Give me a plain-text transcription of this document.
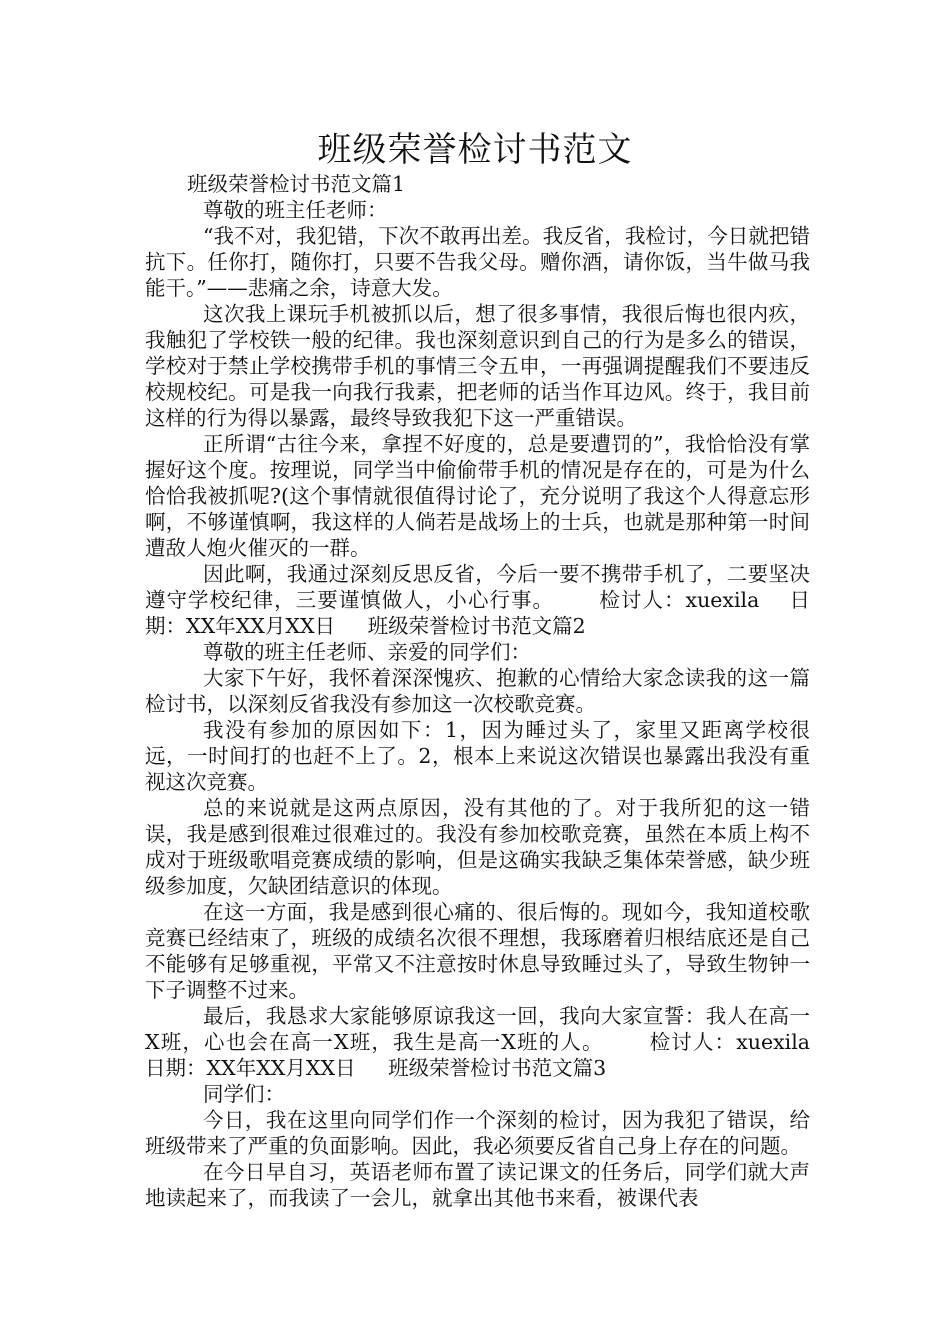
班级荣誉检讨书范文

班级荣誉检讨书范文篇1

尊敬的班主任老师：

“我不对，我犯错，下次不敢再出差。我反省，我检讨，今日就把错抗下。任你打，随你打，只要不告我父母。赠你酒，请你饭，当牛做马我能干。”——悲痛之余，诗意大发。

这次我上课玩手机被抓以后，想了很多事情，我很后悔也很内疚，我触犯了学校铁一般的纪律。我也深刻意识到自己的行为是多么的错误，学校对于禁止学校携带手机的事情三令五申，一再强调提醒我们不要违反校规校纪。可是我一向我行我素，把老师的话当作耳边风。终于，我目前这样的行为得以暴露，最终导致我犯下这一严重错误。

正所谓“古往今来，拿捏不好度的，总是要遭罚的”，我恰恰没有掌握好这个度。按理说，同学当中偷偷带手机的情况是存在的，可是为什么恰恰我被抓呢?(这个事情就很值得讨论了，充分说明了我这个人得意忘形啊，不够谨慎啊，我这样的人倘若是战场上的士兵，也就是那种第一时间遭敌人炮火催灭的一群。

因此啊，我通过深刻反思反省，今后一要不携带手机了，二要坚决遵守学校纪律，三要谨慎做人，小心行事。      检讨人：xuexila    日期：XX年XX月XX日     班级荣誉检讨书范文篇2

尊敬的班主任老师、亲爱的同学们：

大家下午好，我怀着深深愧疚、抱歉的心情给大家念读我的这一篇检讨书，以深刻反省我没有参加这一次校歌竞赛。

我没有参加的原因如下：1，因为睡过头了，家里又距离学校很远，一时间打的也赶不上了。2，根本上来说这次错误也暴露出我没有重视这次竞赛。

总的来说就是这两点原因，没有其他的了。对于我所犯的这一错误，我是感到很难过很难过的。我没有参加校歌竞赛，虽然在本质上构不成对于班级歌唱竞赛成绩的影响，但是这确实我缺乏集体荣誉感，缺少班级参加度，欠缺团结意识的体现。

在这一方面，我是感到很心痛的、很后悔的。现如今，我知道校歌竞赛已经结束了，班级的成绩名次很不理想，我琢磨着归根结底还是自己不能够有足够重视，平常又不注意按时休息导致睡过头了，导致生物钟一下子调整不过来。

最后，我恳求大家能够原谅我这一回，我向大家宣誓：我人在高一X班，心也会在高一X班，我生是高一X班的人。      检讨人：xuexila    日期：XX年XX月XX日     班级荣誉检讨书范文篇3

同学们：

今日，我在这里向同学们作一个深刻的检讨，因为我犯了错误，给班级带来了严重的负面影响。因此，我必须要反省自己身上存在的问题。

在今日早自习，英语老师布置了读记课文的任务后，同学们就大声地读起来了，而我读了一会儿，就拿出其他书来看，被课代表
